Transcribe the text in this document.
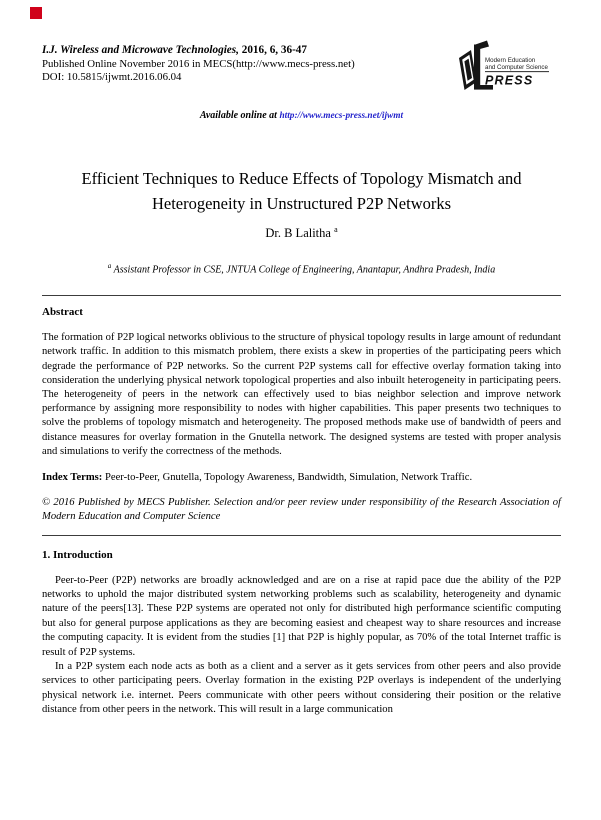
I.J. Wireless and Microwave Technologies, 2016, 6, 36-47
Published Online November 2016 in MECS(http://www.mecs-press.net)
DOI: 10.5815/ijwmt.2016.06.04
Modern Education
and Computer Science
PRESS
Available online at http://www.mecs-press.net/ijwmt
Efficient Techniques to Reduce Effects of Topology Mismatch and Heterogeneity in Unstructured P2P Networks
Dr. B Lalitha $^a$
$^a$ Assistant Professor in CSE, JNTUA College of Engineering, Anantapur, Andhra Pradesh, India
Abstract
The formation of P2P logical networks oblivious to the structure of physical topology results in large amount of redundant network traffic. In addition to this mismatch problem, there exists a skew in properties of the participating peers which degrade the performance of P2P networks. So the current P2P systems call for effective overlay formation taking into consideration the underlying physical network topological properties and also inbuilt heterogeneity in participating peers. The heterogeneity of peers in the network can effectively used to bias neighbor selection and improve network performance by assigning more responsibility to nodes with higher capabilities. This paper presents two techniques to solve the problems of topology mismatch and heterogeneity. The proposed methods make use of bandwidth of peers and distance measures for overlay formation in the Gnutella network. The designed systems are tested with proper analysis and simulations to verify the correctness of the methods.
Index Terms: Peer-to-Peer, Gnutella, Topology Awareness, Bandwidth, Simulation, Network Traffic.
© 2016 Published by MECS Publisher. Selection and/or peer review under responsibility of the Research Association of Modern Education and Computer Science
1. Introduction

Peer-to-Peer (P2P) networks are broadly acknowledged and are on a rise at rapid pace due the ability of the P2P networks to uphold the major distributed system networking problems such as scalability, heterogeneity and dynamic nature of the peers[13]. These P2P systems are operated not only for distributed high performance scientific computing but also for general purpose applications as they are becoming easiest and cheapest way to share resources and increase the computing capacity. It is evident from the studies [1] that P2P is highly popular, as 70% of the total Internet traffic is result of P2P systems.

In a P2P system each node acts as both as a client and a server as it gets services from other peers and also provide services to other participating peers. Overlay formation in the existing P2P overlays is independent of the underlying physical network i.e. internet. Peers communicate with other peers without considering their position or the relative distance from other peers in the network. This will result in a large communication
